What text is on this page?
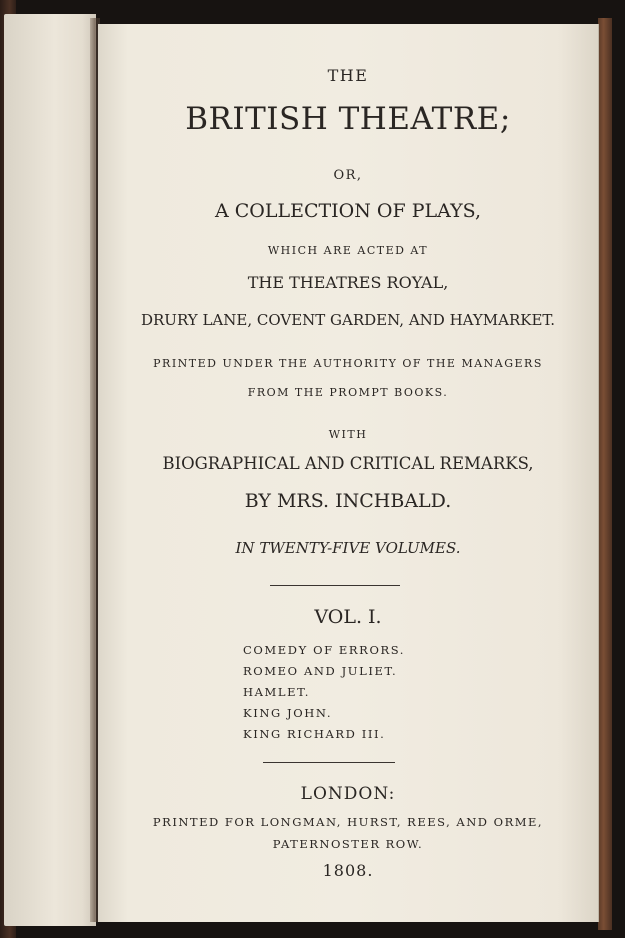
THE
BRITISH THEATRE;
OR,
A COLLECTION OF PLAYS,
WHICH ARE ACTED AT
THE THEATRES ROYAL,
DRURY LANE, COVENT GARDEN, AND HAYMARKET.
PRINTED UNDER THE AUTHORITY OF THE MANAGERS
FROM THE PROMPT BOOKS.
WITH
BIOGRAPHICAL AND CRITICAL REMARKS,
BY MRS. INCHBALD.
IN TWENTY-FIVE VOLUMES.
VOL. I.
COMEDY OF ERRORS.
ROMEO AND JULIET.
HAMLET.
KING JOHN.
KING RICHARD III.
LONDON:
PRINTED FOR LONGMAN, HURST, REES, AND ORME,
PATERNOSTER ROW.
1808.
